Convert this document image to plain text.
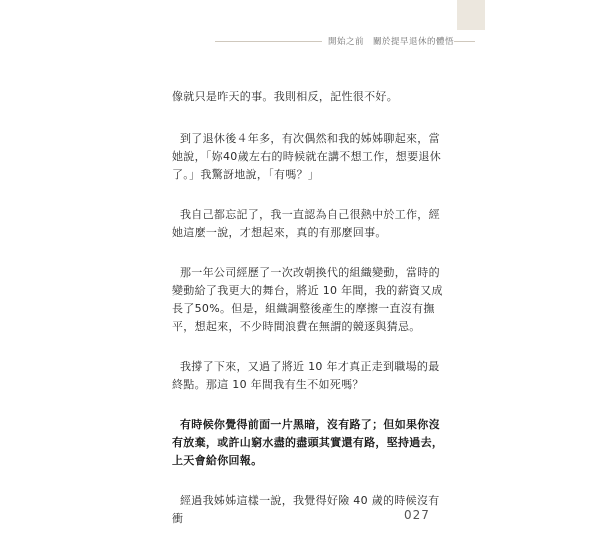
開始之前　關於提早退休的體悟

像就只是昨天的事。我則相反，記性很不好。

到了退休後４年多，有次偶然和我的姊姊聊起來，當她說，「妳40歲左右的時候就在講不想工作，想要退休了。」我驚訝地說，「有嗎？」

我自己都忘記了，我一直認為自己很熱中於工作，經她這麼一說，才想起來，真的有那麼回事。

那一年公司經歷了一次改朝換代的組織變動，當時的變動給了我更大的舞台，將近 10 年間，我的薪資又成長了50%。但是，組織調整後產生的摩擦一直沒有撫平，想起來，不少時間浪費在無謂的競逐與猜忌。

我撐了下來，又過了將近 10 年才真正走到職場的最終點。那這 10 年間我有生不如死嗎？

有時候你覺得前面一片黑暗，沒有路了；但如果你沒有放棄，或許山窮水盡的盡頭其實還有路，堅持過去，上天會給你回報。

經過我姊姊這樣一說，我覺得好險 40 歲的時候沒有衝	027
